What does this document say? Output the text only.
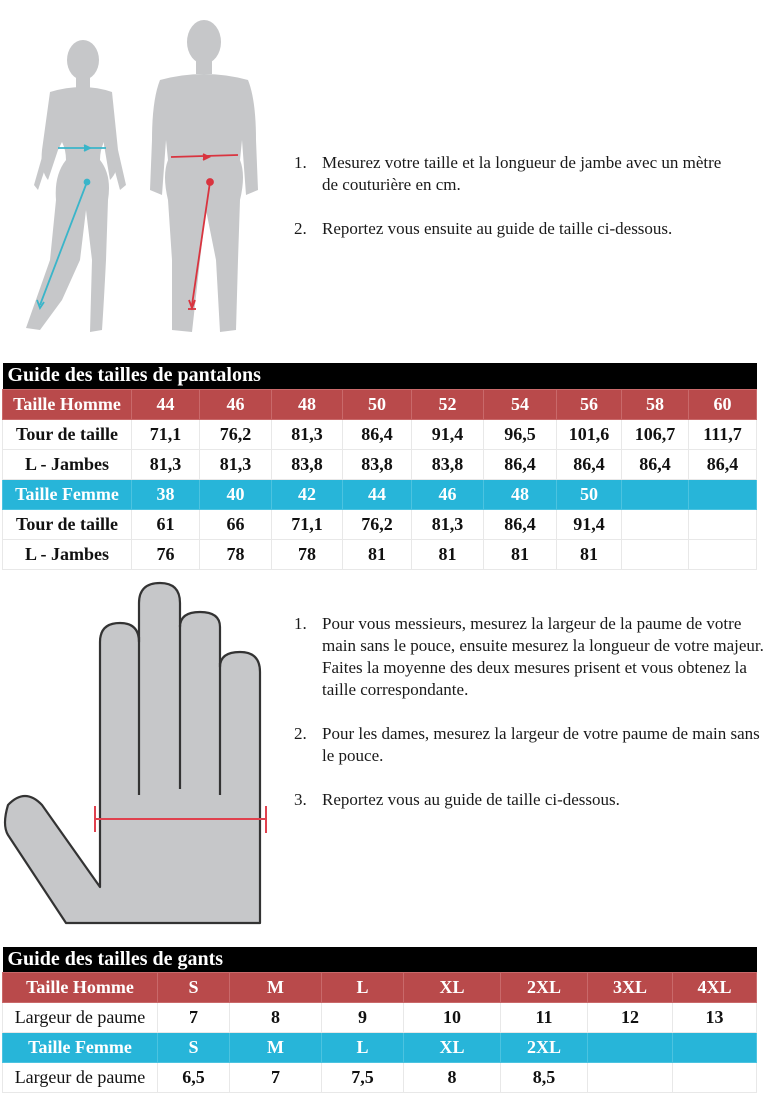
1. Mesurez votre taille et la longueur de jambe avec un mètre de couturière en cm.
2. Reportez vous ensuite au guide de taille ci-dessous.
Guide des tailles de pantalons									
Taille Homme	44	46	48	50	52	54	56	58	60
Tour de taille	71,1	76,2	81,3	86,4	91,4	96,5	101,6	106,7	111,7
L - Jambes	81,3	81,3	83,8	83,8	83,8	86,4	86,4	86,4	86,4
Taille Femme	38	40	42	44	46	48	50		
Tour de taille	61	66	71,1	76,2	81,3	86,4	91,4		
L - Jambes	76	78	78	81	81	81	81		
1. Pour vous messieurs, mesurez la largeur de la paume de votre main sans le pouce, ensuite mesurez la longueur de votre majeur.
Faites la moyenne des deux mesures prisent et vous obtenez la taille correspondante.
2. Pour les dames, mesurez la largeur de votre paume de main sans le pouce.
3. Reportez vous au guide de taille ci-dessous.
Guide des tailles de gants							
Taille Homme	S	M	L	XL	2XL	3XL	4XL
Largeur de paume	7	8	9	10	11	12	13
Taille Femme	S	M	L	XL	2XL		
Largeur de paume	6,5	7	7,5	8	8,5		
